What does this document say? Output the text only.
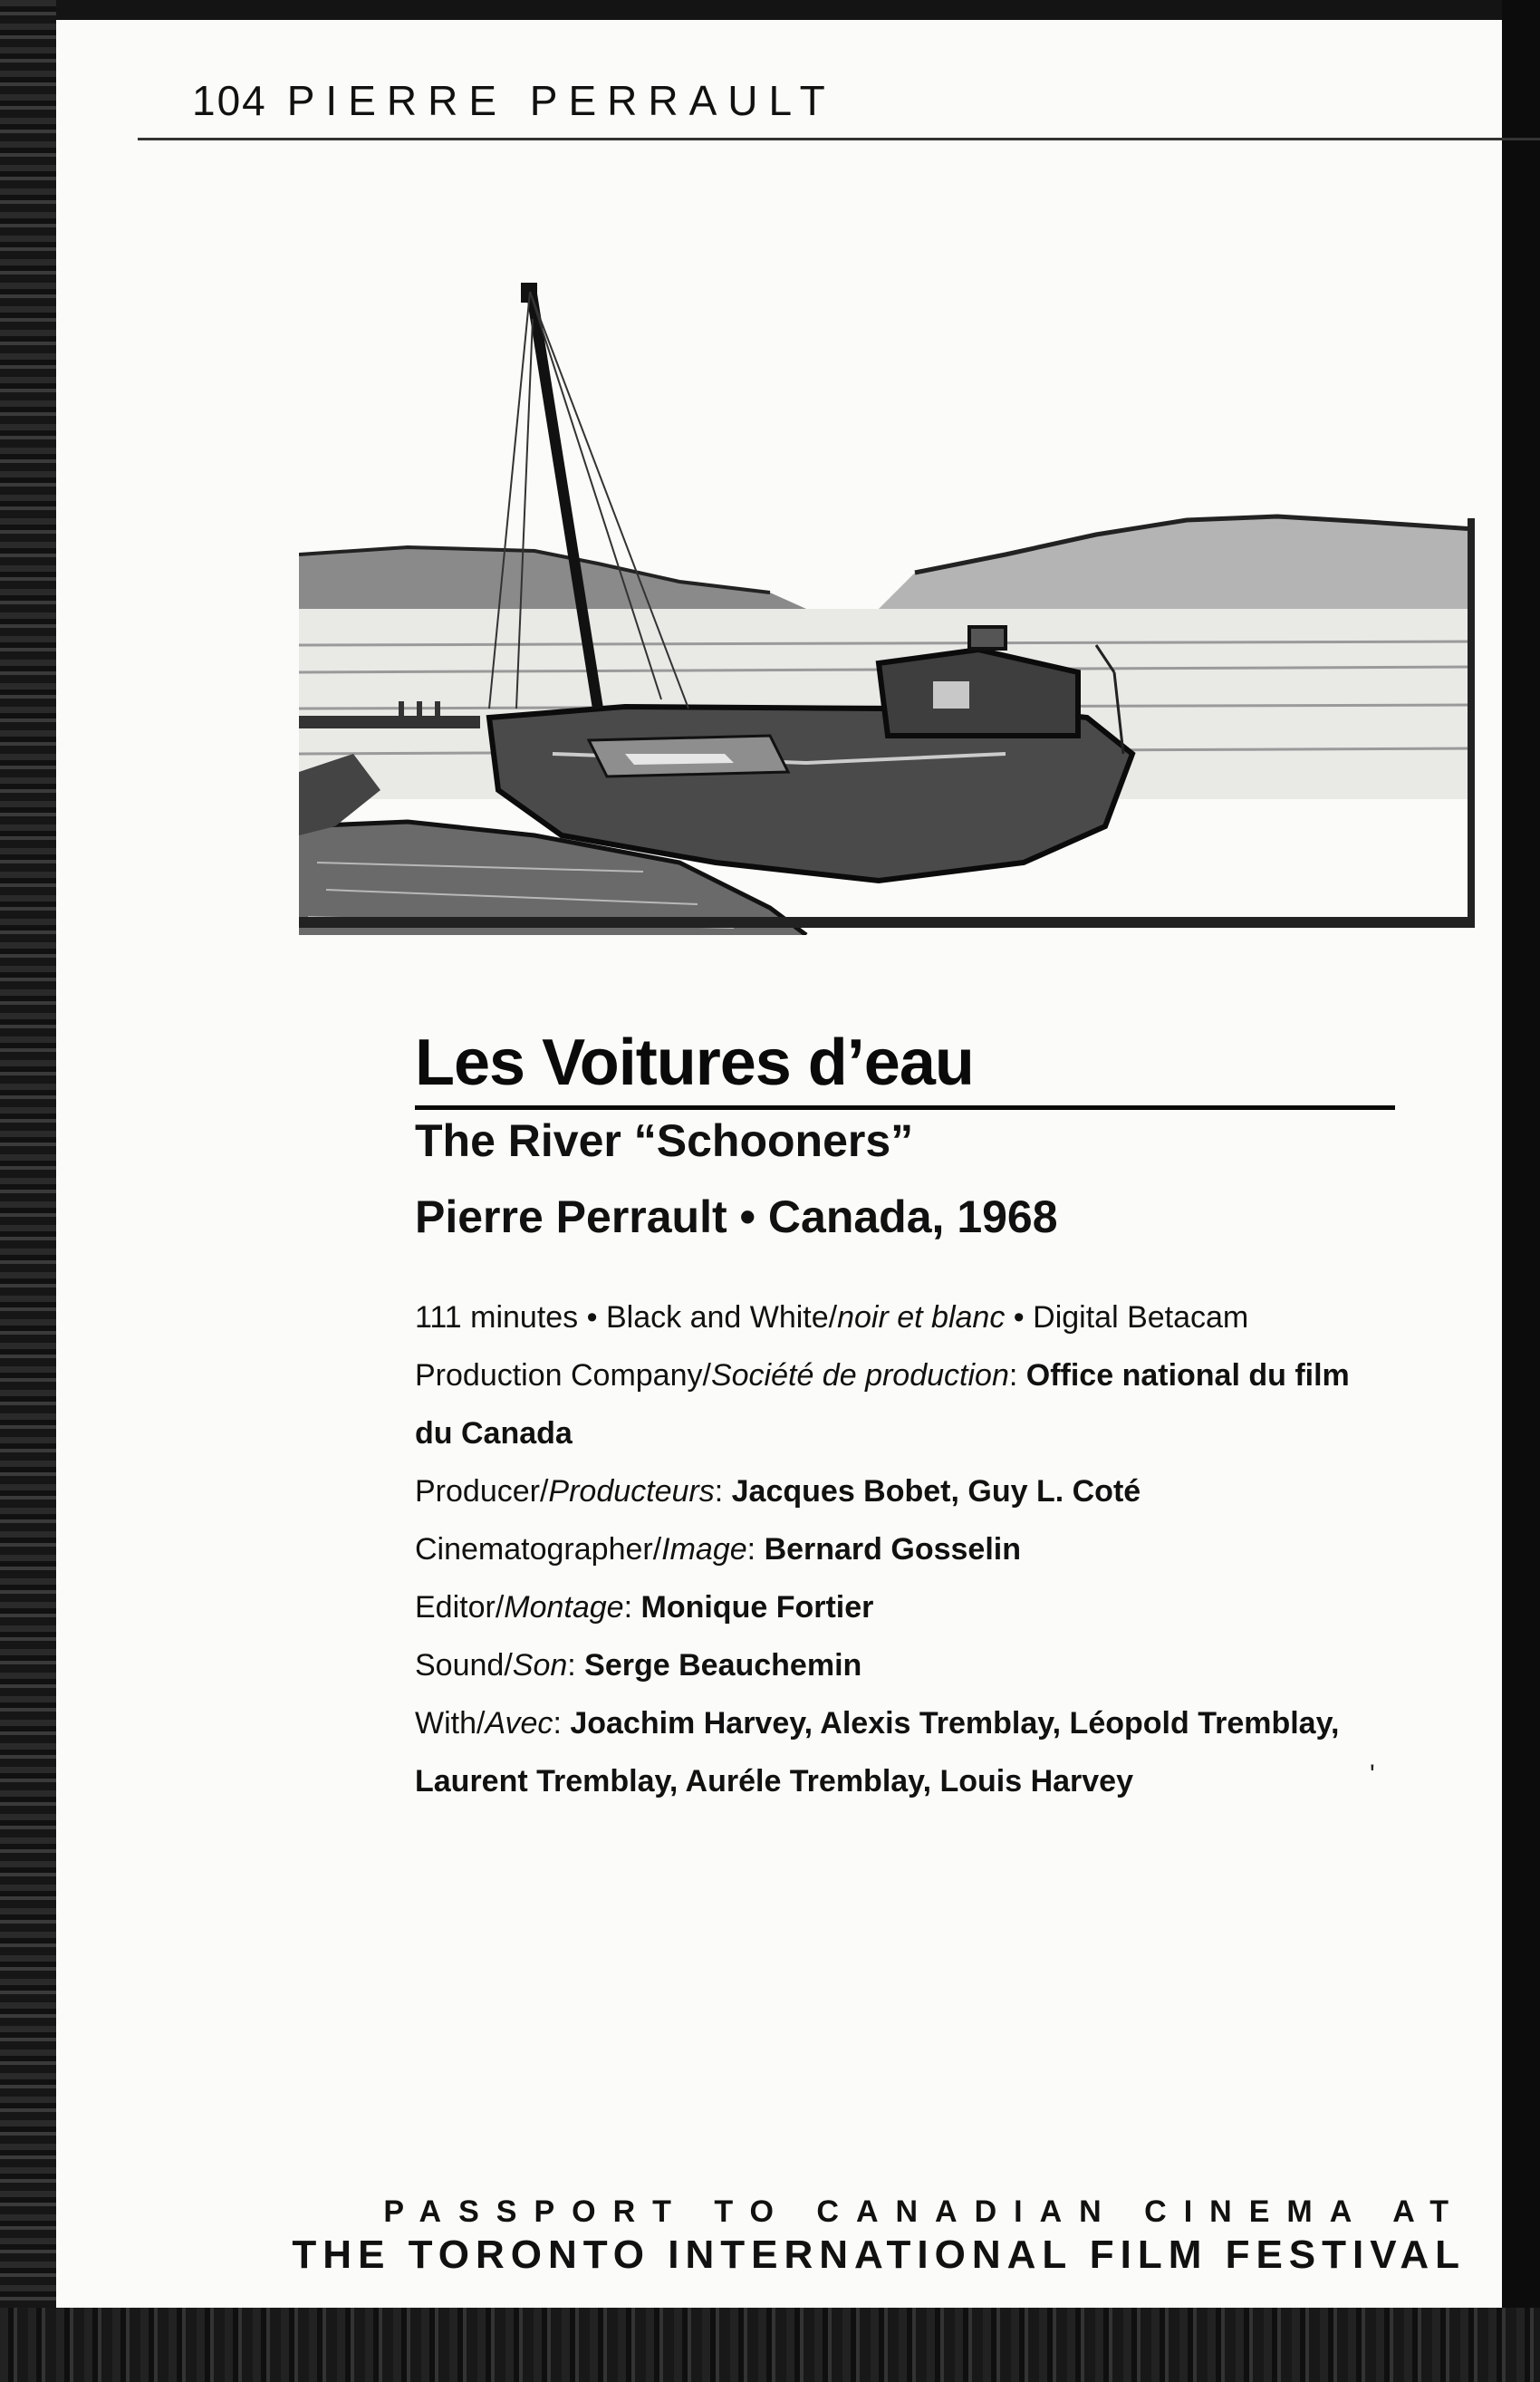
104 PIERRE PERRAULT
Les Voitures d’eau
The River “Schooners”
Pierre Perrault • Canada, 1968
111 minutes • Black and White/noir et blanc • Digital Betacam
Production Company/Société de production: Office national du film
du Canada
Producer/Producteurs: Jacques Bobet, Guy L. Coté
Cinematographer/Image: Bernard Gosselin
Editor/Montage: Monique Fortier
Sound/Son: Serge Beauchemin
With/Avec: Joachim Harvey, Alexis Tremblay, Léopold Tremblay,
Laurent Tremblay, Auréle Tremblay, Louis Harvey	'
PASSPORT TO CANADIAN CINEMA AT
THE TORONTO INTERNATIONAL FILM FESTIVAL
